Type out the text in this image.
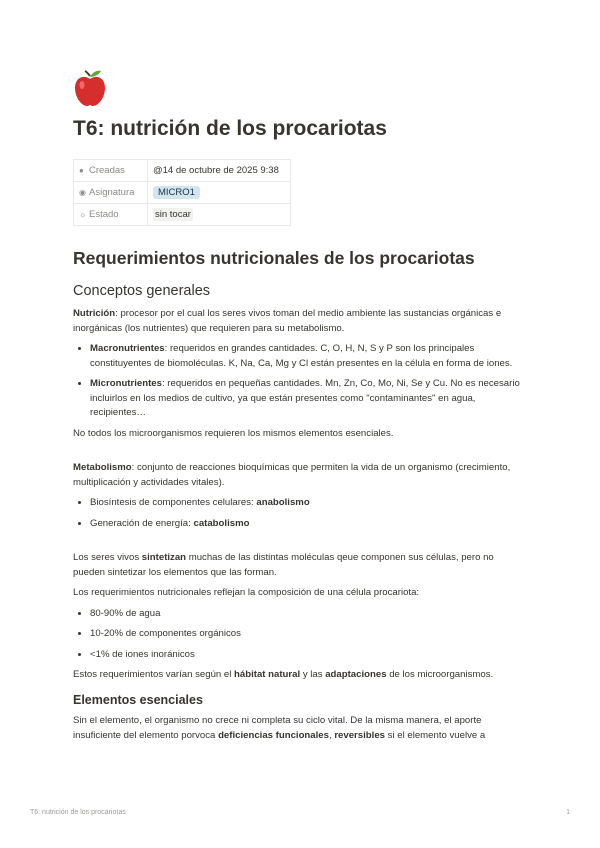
T6: nutrición de los procariotas
● Creadas	@14 de octubre de 2025 9:38
◉ Asignatura	MICRO1
☼ Estado	sin tocar
Requerimientos nutricionales de los procariotas
Conceptos generales

Nutrición: procesor por el cual los seres vivos toman del medio ambiente las sustancias orgánicas e inorgánicas (los nutrientes) que requieren para su metabolismo.

• Macronutrientes: requeridos en grandes cantidades. C, O, H, N, S y P son los principales constituyentes de biomoléculas. K, Na, Ca, Mg y Cl están presentes en la célula en forma de iones.
• Micronutrientes: requeridos en pequeñas cantidades. Mn, Zn, Co, Mo, Ni, Se y Cu. No es necesario incluirlos en los medios de cultivo, ya que están presentes como "contaminantes" en agua, recipientes…

No todos los microorganismos requieren los mismos elementos esenciales.

Metabolismo: conjunto de reacciones bioquímicas que permiten la vida de un organismo (crecimiento, multiplicación y actividades vitales).

• Biosíntesis de componentes celulares: anabolismo
• Generación de energía: catabolismo

Los seres vivos sintetizan muchas de las distintas moléculas qeue componen sus células, pero no pueden sintetizar los elementos que las forman.

Los requerimientos nutricionales reflejan la composición de una célula procariota:

• 80-90% de agua
• 10-20% de componentes orgánicos
• <1% de iones inoránicos

Estos requerimientos varían según el hábitat natural y las adaptaciones de los microorganismos.

Elementos esenciales

Sin el elemento, el organismo no crece ni completa su ciclo vital. De la misma manera, el aporte insuficiente del elemento porvoca deficiencias funcionales, reversibles si el elemento vuelve a

T6: nutrición de los procariotas	1
